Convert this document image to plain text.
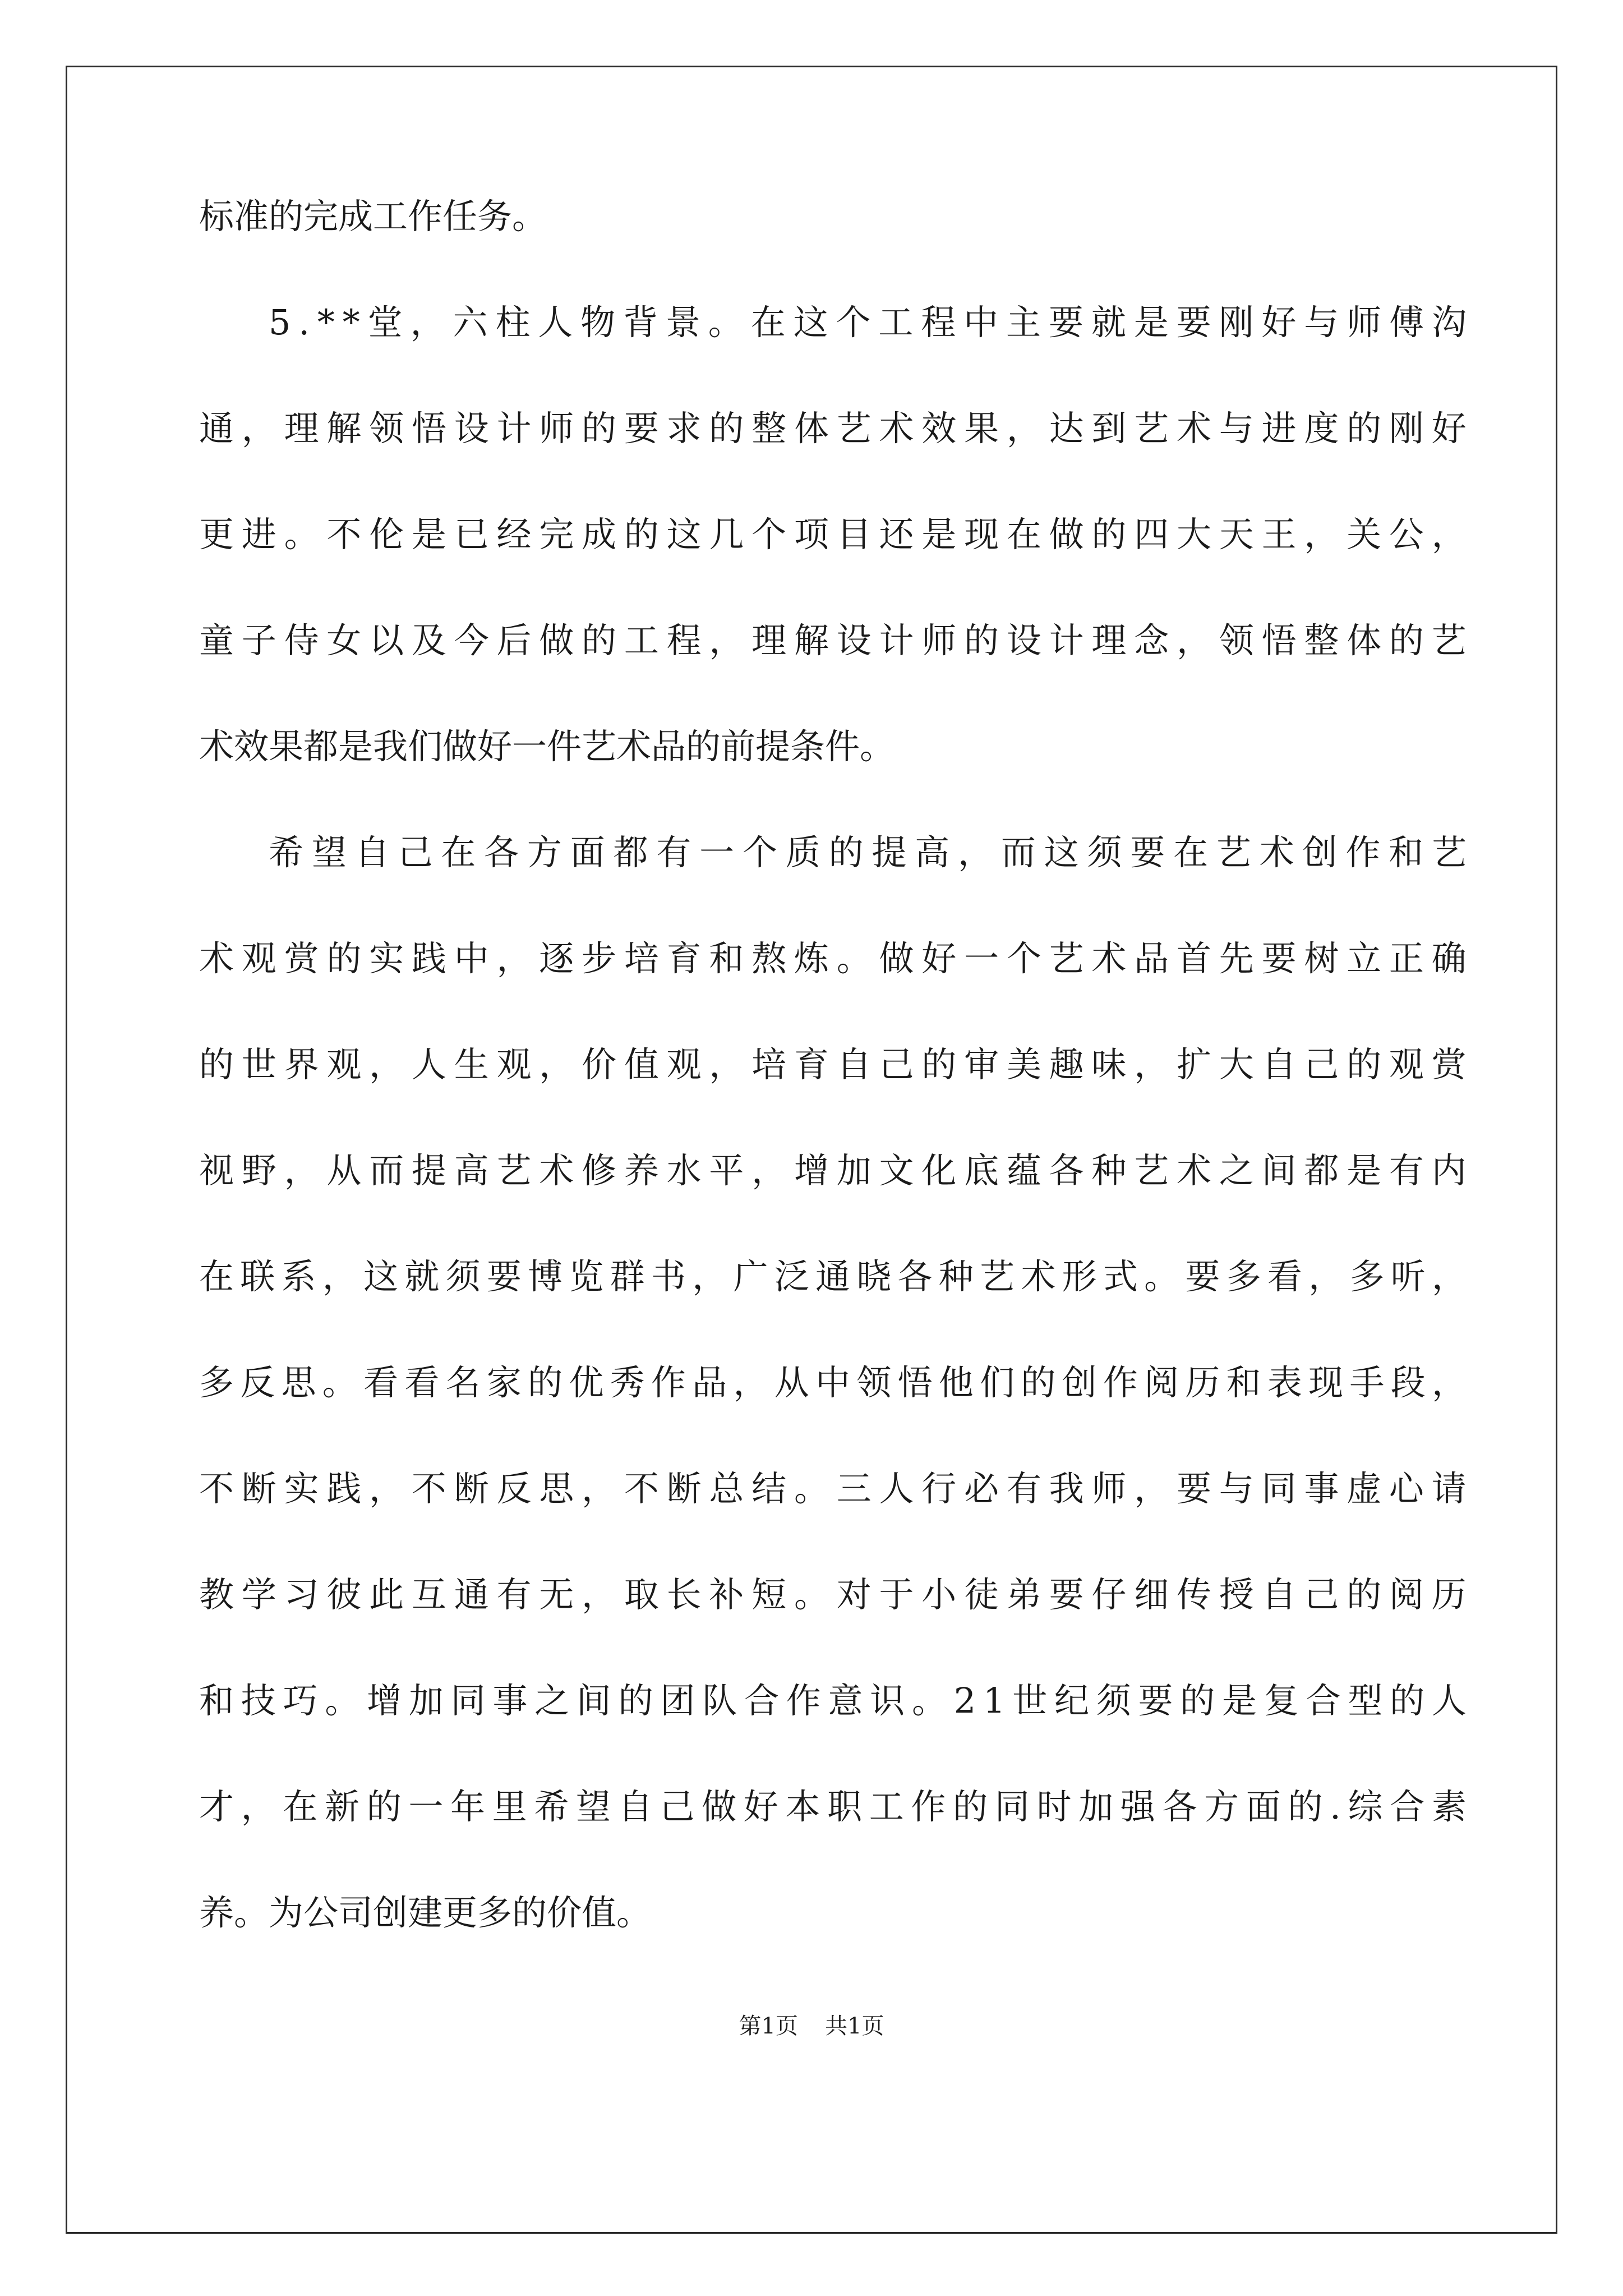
标准的完成工作任务。
5 . * * 堂 ， 六 柱 人 物 背 景 。 在 这 个 工 程 中 主 要 就 是 要 刚 好 与 师 傅 沟
通 ， 理 解 领 悟 设 计 师 的 要 求 的 整 体 艺 术 效 果 ， 达 到 艺 术 与 进 度 的 刚 好
更 进 。 不 伦 是 已 经 完 成 的 这 几 个 项 目 还 是 现 在 做 的 四 大 天 王 ， 关 公 ，
童 子 侍 女 以 及 今 后 做 的 工 程 ， 理 解 设 计 师 的 设 计 理 念 ， 领 悟 整 体 的 艺
术效果都是我们做好一件艺术品的前提条件。
希 望 自 己 在 各 方 面 都 有 一 个 质 的 提 高 ， 而 这 须 要 在 艺 术 创 作 和 艺
术 观 赏 的 实 践 中 ， 逐 步 培 育 和 熬 炼 。 做 好 一 个 艺 术 品 首 先 要 树 立 正 确
的 世 界 观 ， 人 生 观 ， 价 值 观 ， 培 育 自 己 的 审 美 趣 味 ， 扩 大 自 己 的 观 赏
视 野 ， 从 而 提 高 艺 术 修 养 水 平 ， 增 加 文 化 底 蕴 各 种 艺 术 之 间 都 是 有 内
在 联 系 ， 这 就 须 要 博 览 群 书 ， 广 泛 通 晓 各 种 艺 术 形 式 。 要 多 看 ， 多 听 ，
多 反 思 。 看 看 名 家 的 优 秀 作 品 ， 从 中 领 悟 他 们 的 创 作 阅 历 和 表 现 手 段 ，
不 断 实 践 ， 不 断 反 思 ， 不 断 总 结 。 三 人 行 必 有 我 师 ， 要 与 同 事 虚 心 请
教 学 习 彼 此 互 通 有 无 ， 取 长 补 短 。 对 于 小 徒 弟 要 仔 细 传 授 自 己 的 阅 历
和 技 巧 。 增 加 同 事 之 间 的 团 队 合 作 意 识 。 2 1 世 纪 须 要 的 是 复 合 型 的 人
才 ， 在 新 的 一 年 里 希 望 自 己 做 好 本 职 工 作 的 同 时 加 强 各 方 面 的 . 综 合 素
养。为公司创建更多的价值。
第1页 共1页
